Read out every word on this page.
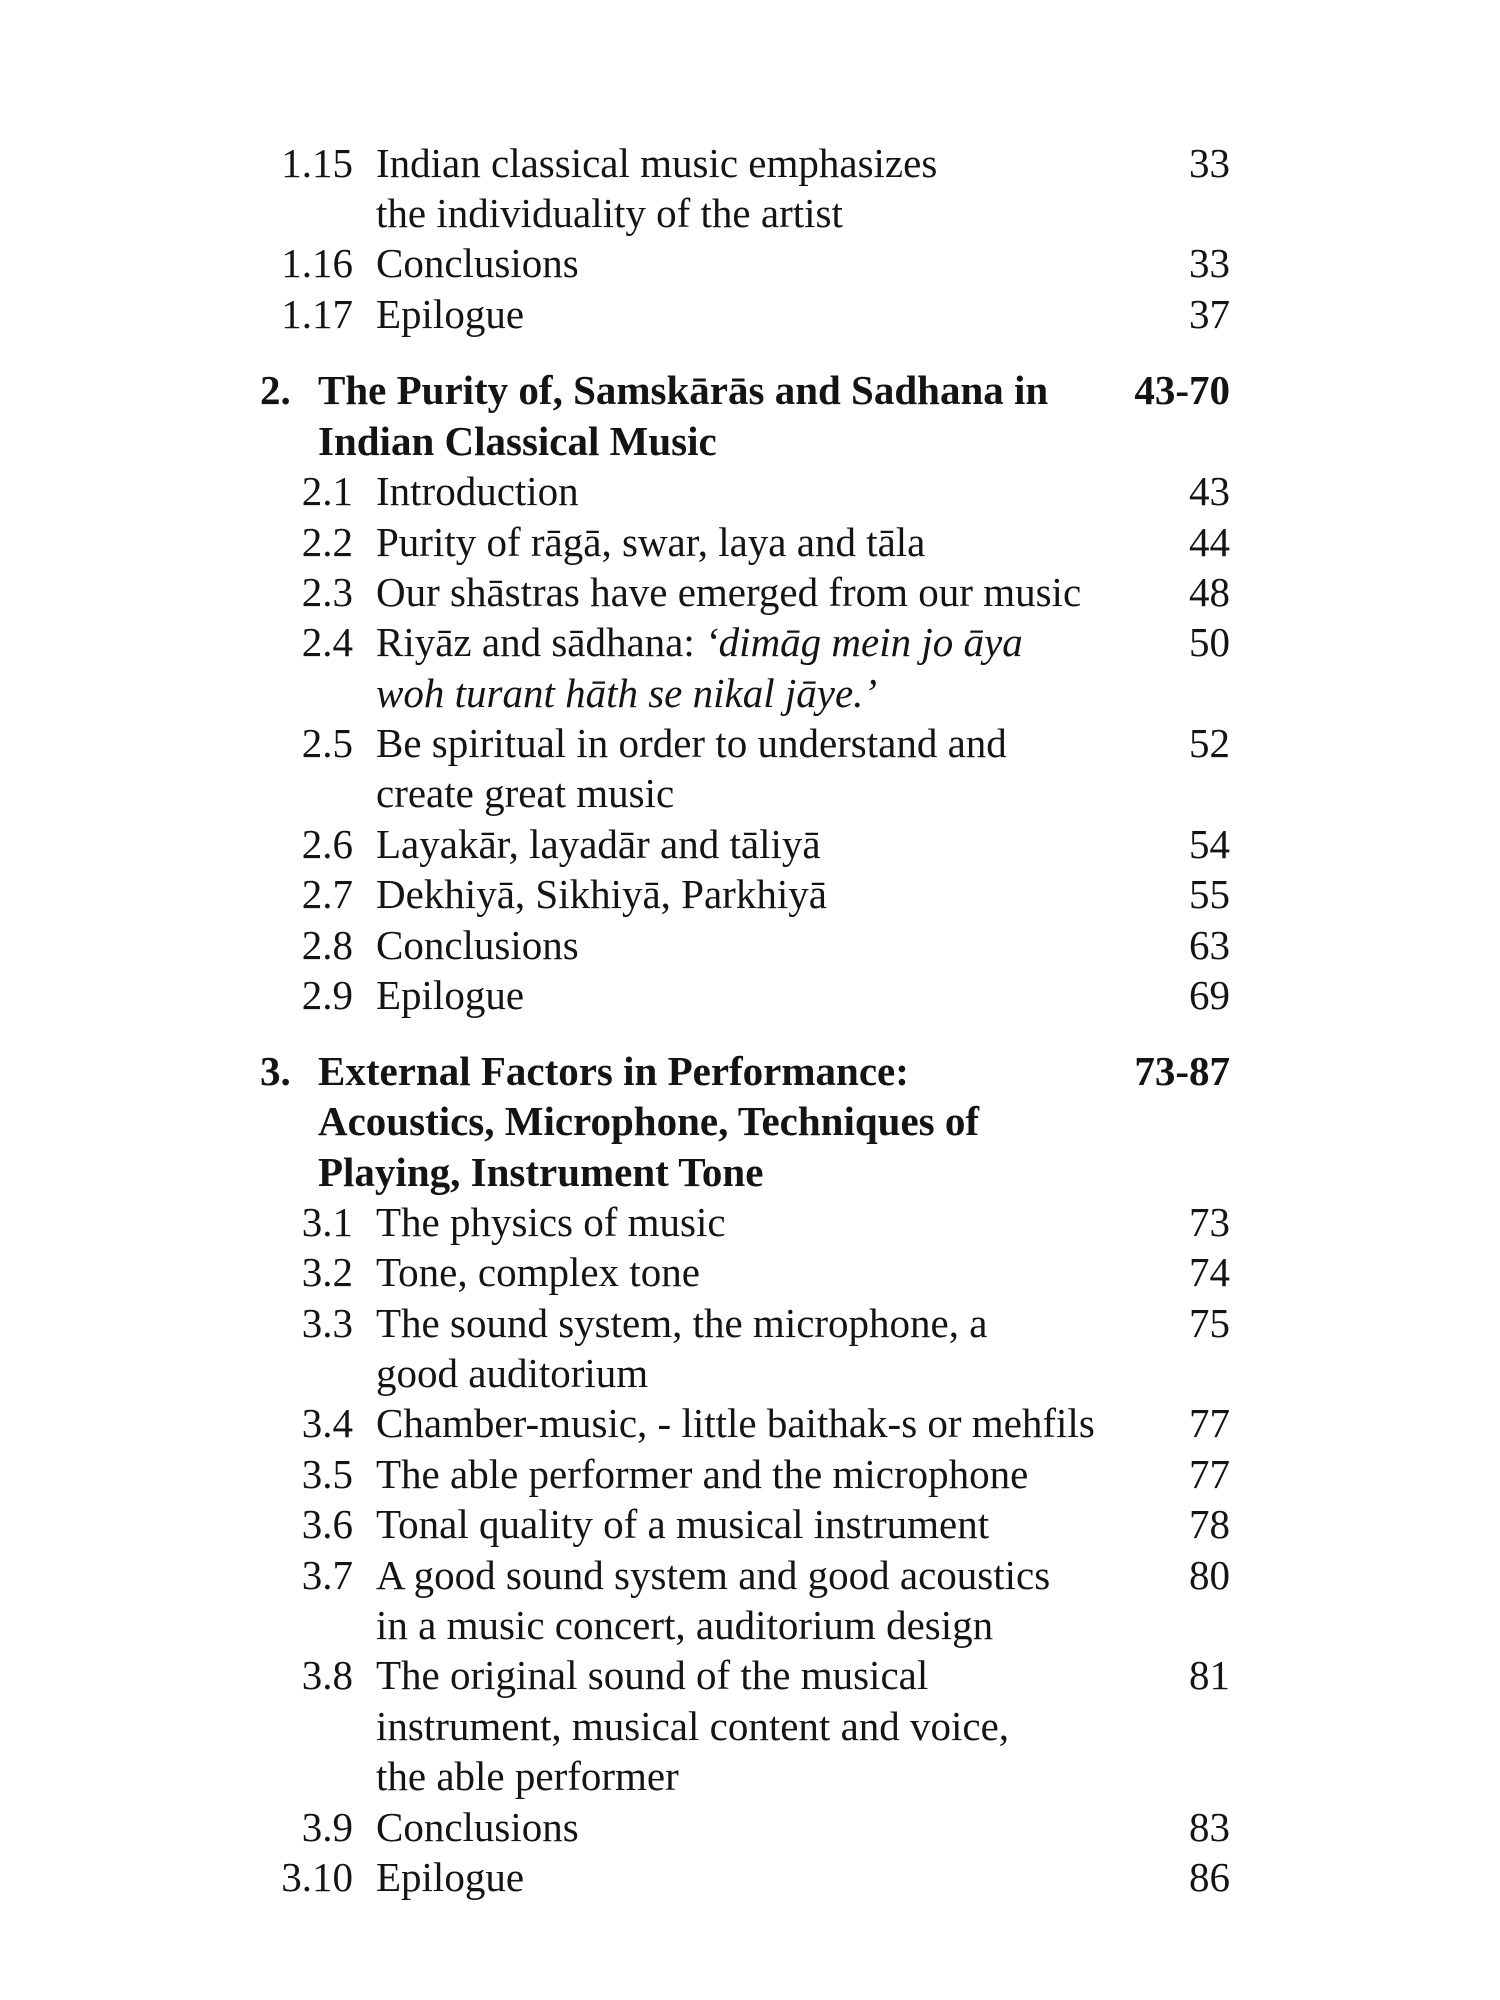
1.15 Indian classical music emphasizes	33
the individuality of the artist
1.16 Conclusions	33
1.17 Epilogue	37
2. The Purity of, Samskārās and Sadhana in 43-70
Indian Classical Music
2.1 Introduction	43
2.2 Purity of rāgā, swar, laya and tāla	44
2.3 Our shāstras have emerged from our music	48
2.4 Riyāz and sādhana: ‘dimāg mein jo āya	50
woh turant hāth se nikal jāye.’
2.5 Be spiritual in order to understand and	52
create great music
2.6 Layakār, layadār and tāliyā	54
2.7 Dekhiyā, Sikhiyā, Parkhiyā	55
2.8 Conclusions	63
2.9 Epilogue	69
3. External Factors in Performance:	73-87
Acoustics, Microphone, Techniques of
Playing, Instrument Tone
3.1 The physics of music	73
3.2 Tone, complex tone	74
3.3 The sound system, the microphone, a	75
good auditorium
3.4 Chamber-music, - little baithak-s or mehfils 77
3.5 The able performer and the microphone	77
3.6 Tonal quality of a musical instrument	78
3.7 A good sound system and good acoustics	80
in a music concert, auditorium design
3.8 The original sound of the musical	81
instrument, musical content and voice,
the able performer
3.9 Conclusions	83
3.10 Epilogue	86
